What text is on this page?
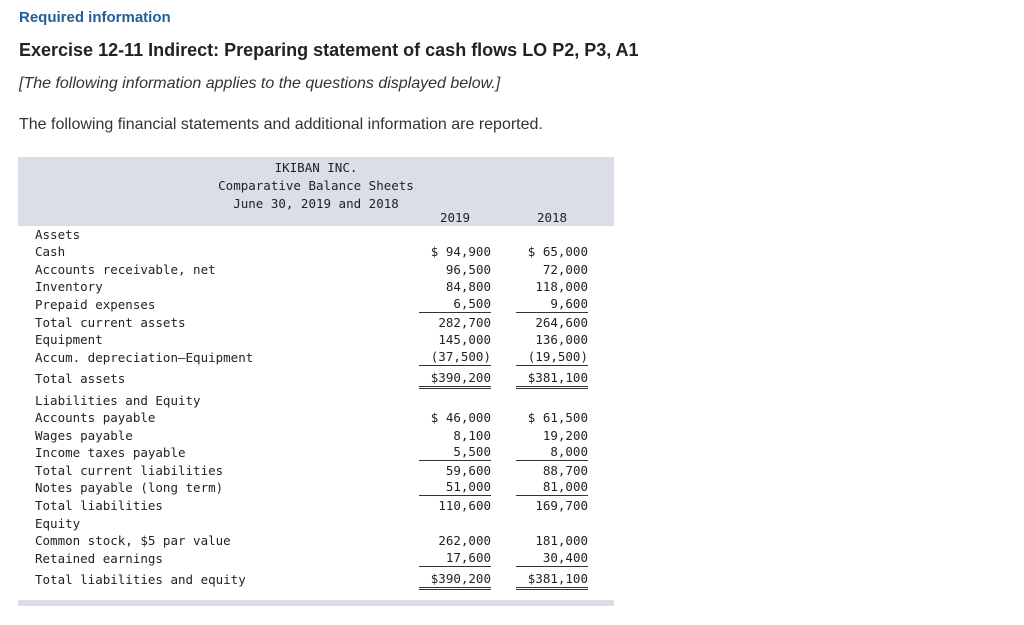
Required information
Exercise 12-11 Indirect: Preparing statement of cash flows LO P2, P3, A1
[The following information applies to the questions displayed below.]
The following financial statements and additional information are reported.
IKIBAN INC.
Comparative Balance Sheets
June 30, 2019 and 2018
2019	2018
Assets
Cash	$ 94,900	$ 65,000
Accounts receivable, net	96,500	72,000
Inventory	84,800	118,000
Prepaid expenses	6,500	9,600
Total current assets	282,700	264,600
Equipment	145,000	136,000
Accum. depreciation—Equipment	(37,500)	(19,500)
Total assets	$390,200	$381,100
Liabilities and Equity
Accounts payable	$ 46,000	$ 61,500
Wages payable	8,100	19,200
Income taxes payable	5,500	8,000
Total current liabilities	59,600	88,700
Notes payable (long term)	51,000	81,000
Total liabilities	110,600	169,700
Equity
Common stock, $5 par value	262,000	181,000
Retained earnings	17,600	30,400
Total liabilities and equity	$390,200	$381,100
